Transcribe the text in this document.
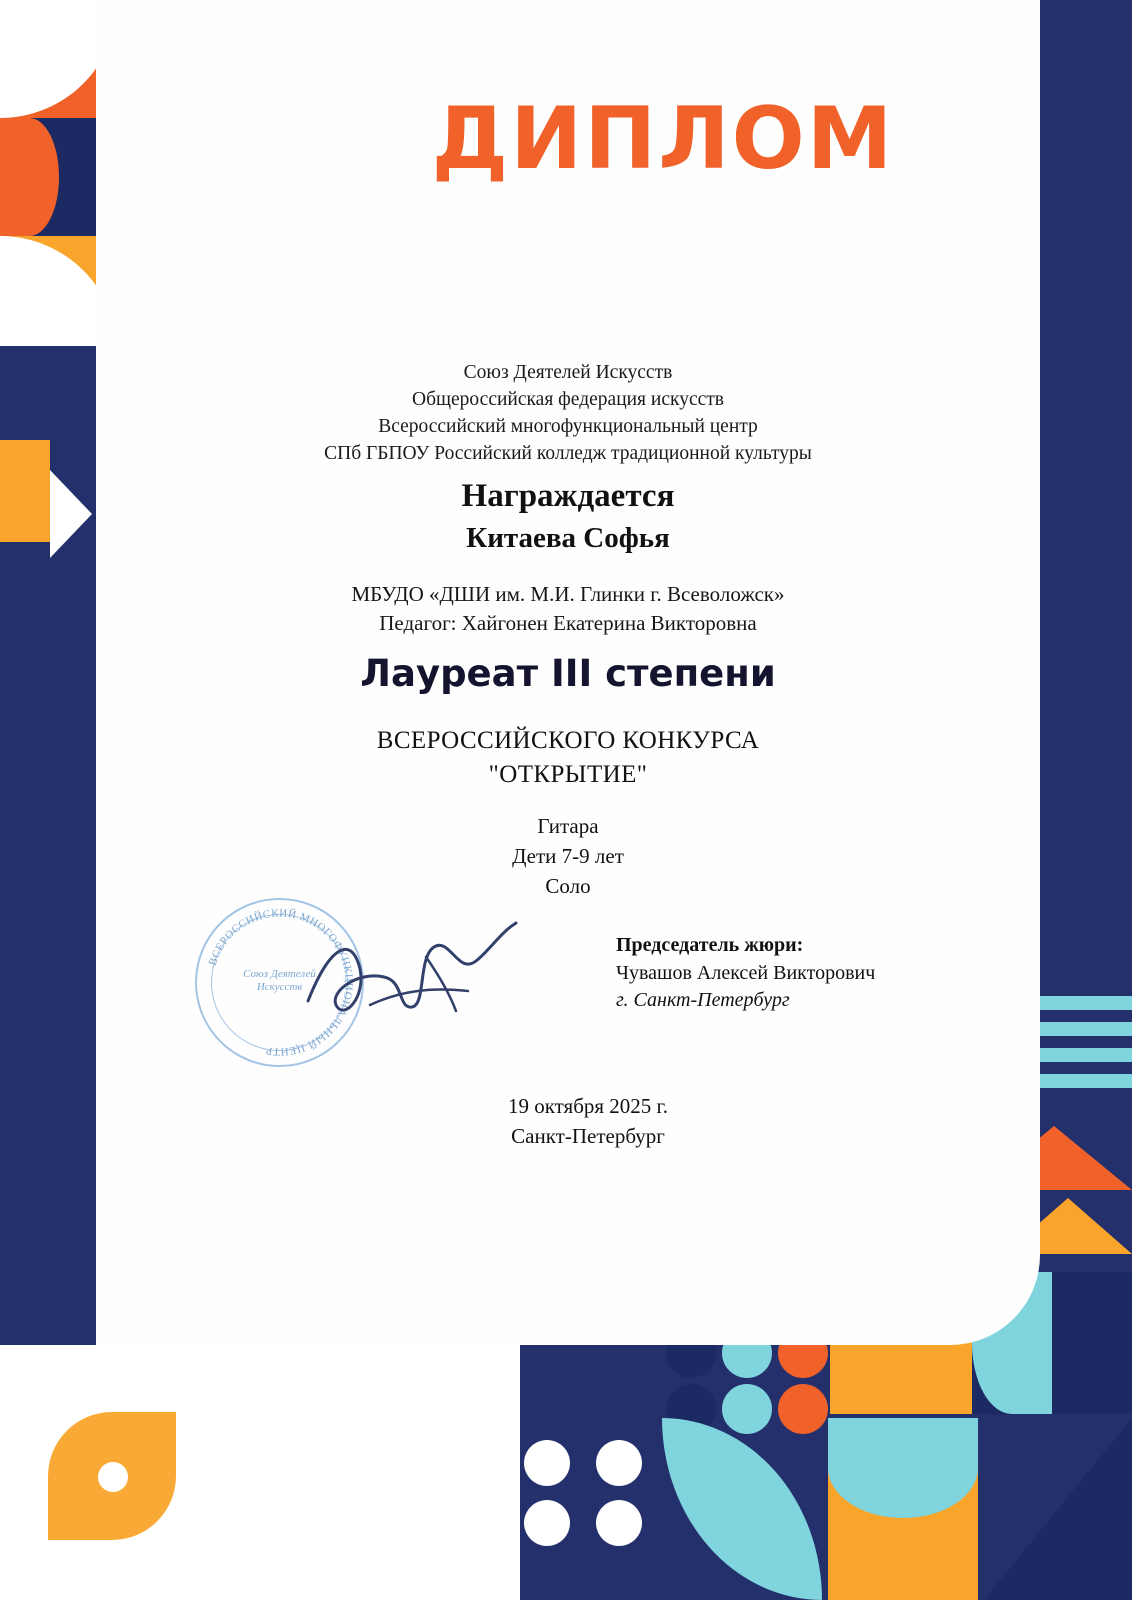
ДИПЛОМ
Союз Деятелей Искусств
Общероссийская федерация искусств
Всероссийский многофункциональный центр
СПб ГБПОУ Российский колледж традиционной культуры
Награждается
Китаева Софья
МБУДО «ДШИ им. М.И. Глинки г. Всеволожск»
Педагог: Хайгонен Екатерина Викторовна
Лауреат III степени
ВСЕРОССИЙСКОГО КОНКУРСА
"ОТКРЫТИЕ"
Гитара
Дети 7-9 лет
Соло
Председатель жюри:
Чувашов Алексей Викторович
г. Санкт-Петербург
19 октября 2025 г.
Санкт-Петербург
ВСЕРОССИЙСКИЙ МНОГОФУНКЦИОНАЛЬНЫЙ ЦЕНТР
Союз Деятелей Искусств
